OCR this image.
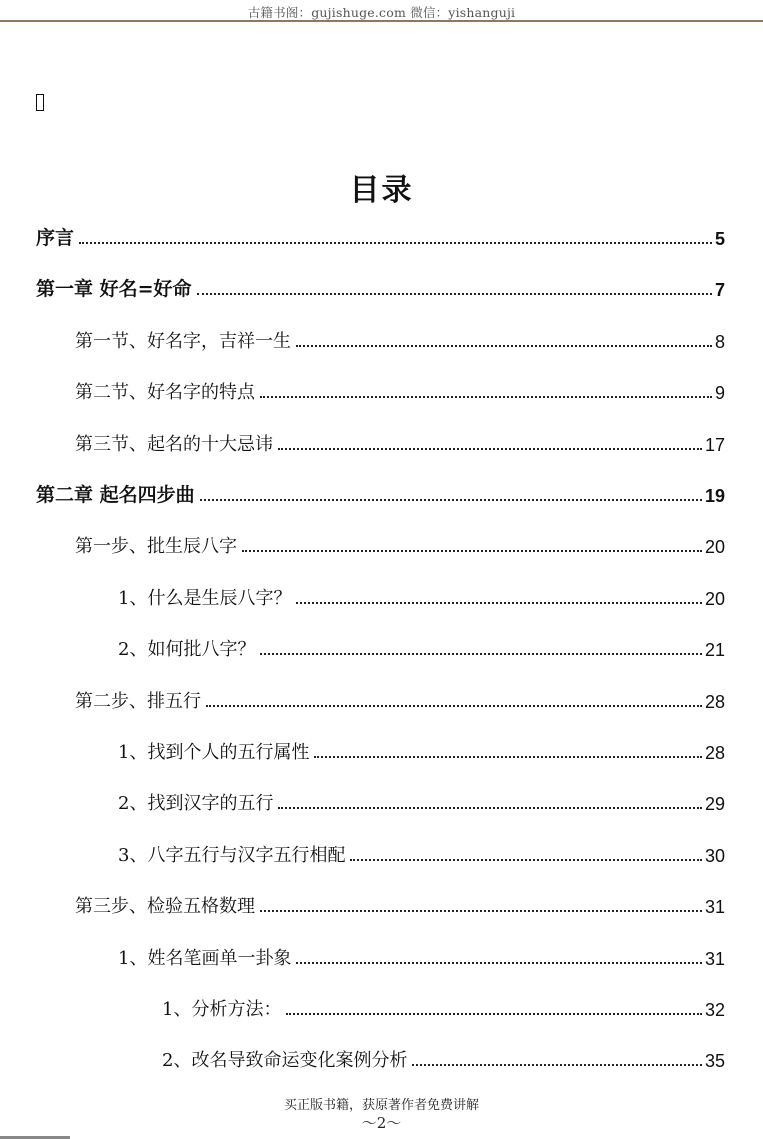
古籍书阁：gujishuge.com 微信：yishanguji
目录
序言	5
第一章 好名=好命	7
第一节、好名字，吉祥一生	8
第二节、好名字的特点	9
第三节、起名的十大忌讳	17
第二章 起名四步曲	19
第一步、批生辰八字	20
1、什么是生辰八字？	20
2、如何批八字？	21
第二步、排五行	28
1、找到个人的五行属性	28
2、找到汉字的五行	29
3、八字五行与汉字五行相配	30
第三步、检验五格数理	31
1、姓名笔画单一卦象	31
1、分析方法：	32
2、改名导致命运变化案例分析	35
买正版书籍，获原著作者免费讲解
～2～
